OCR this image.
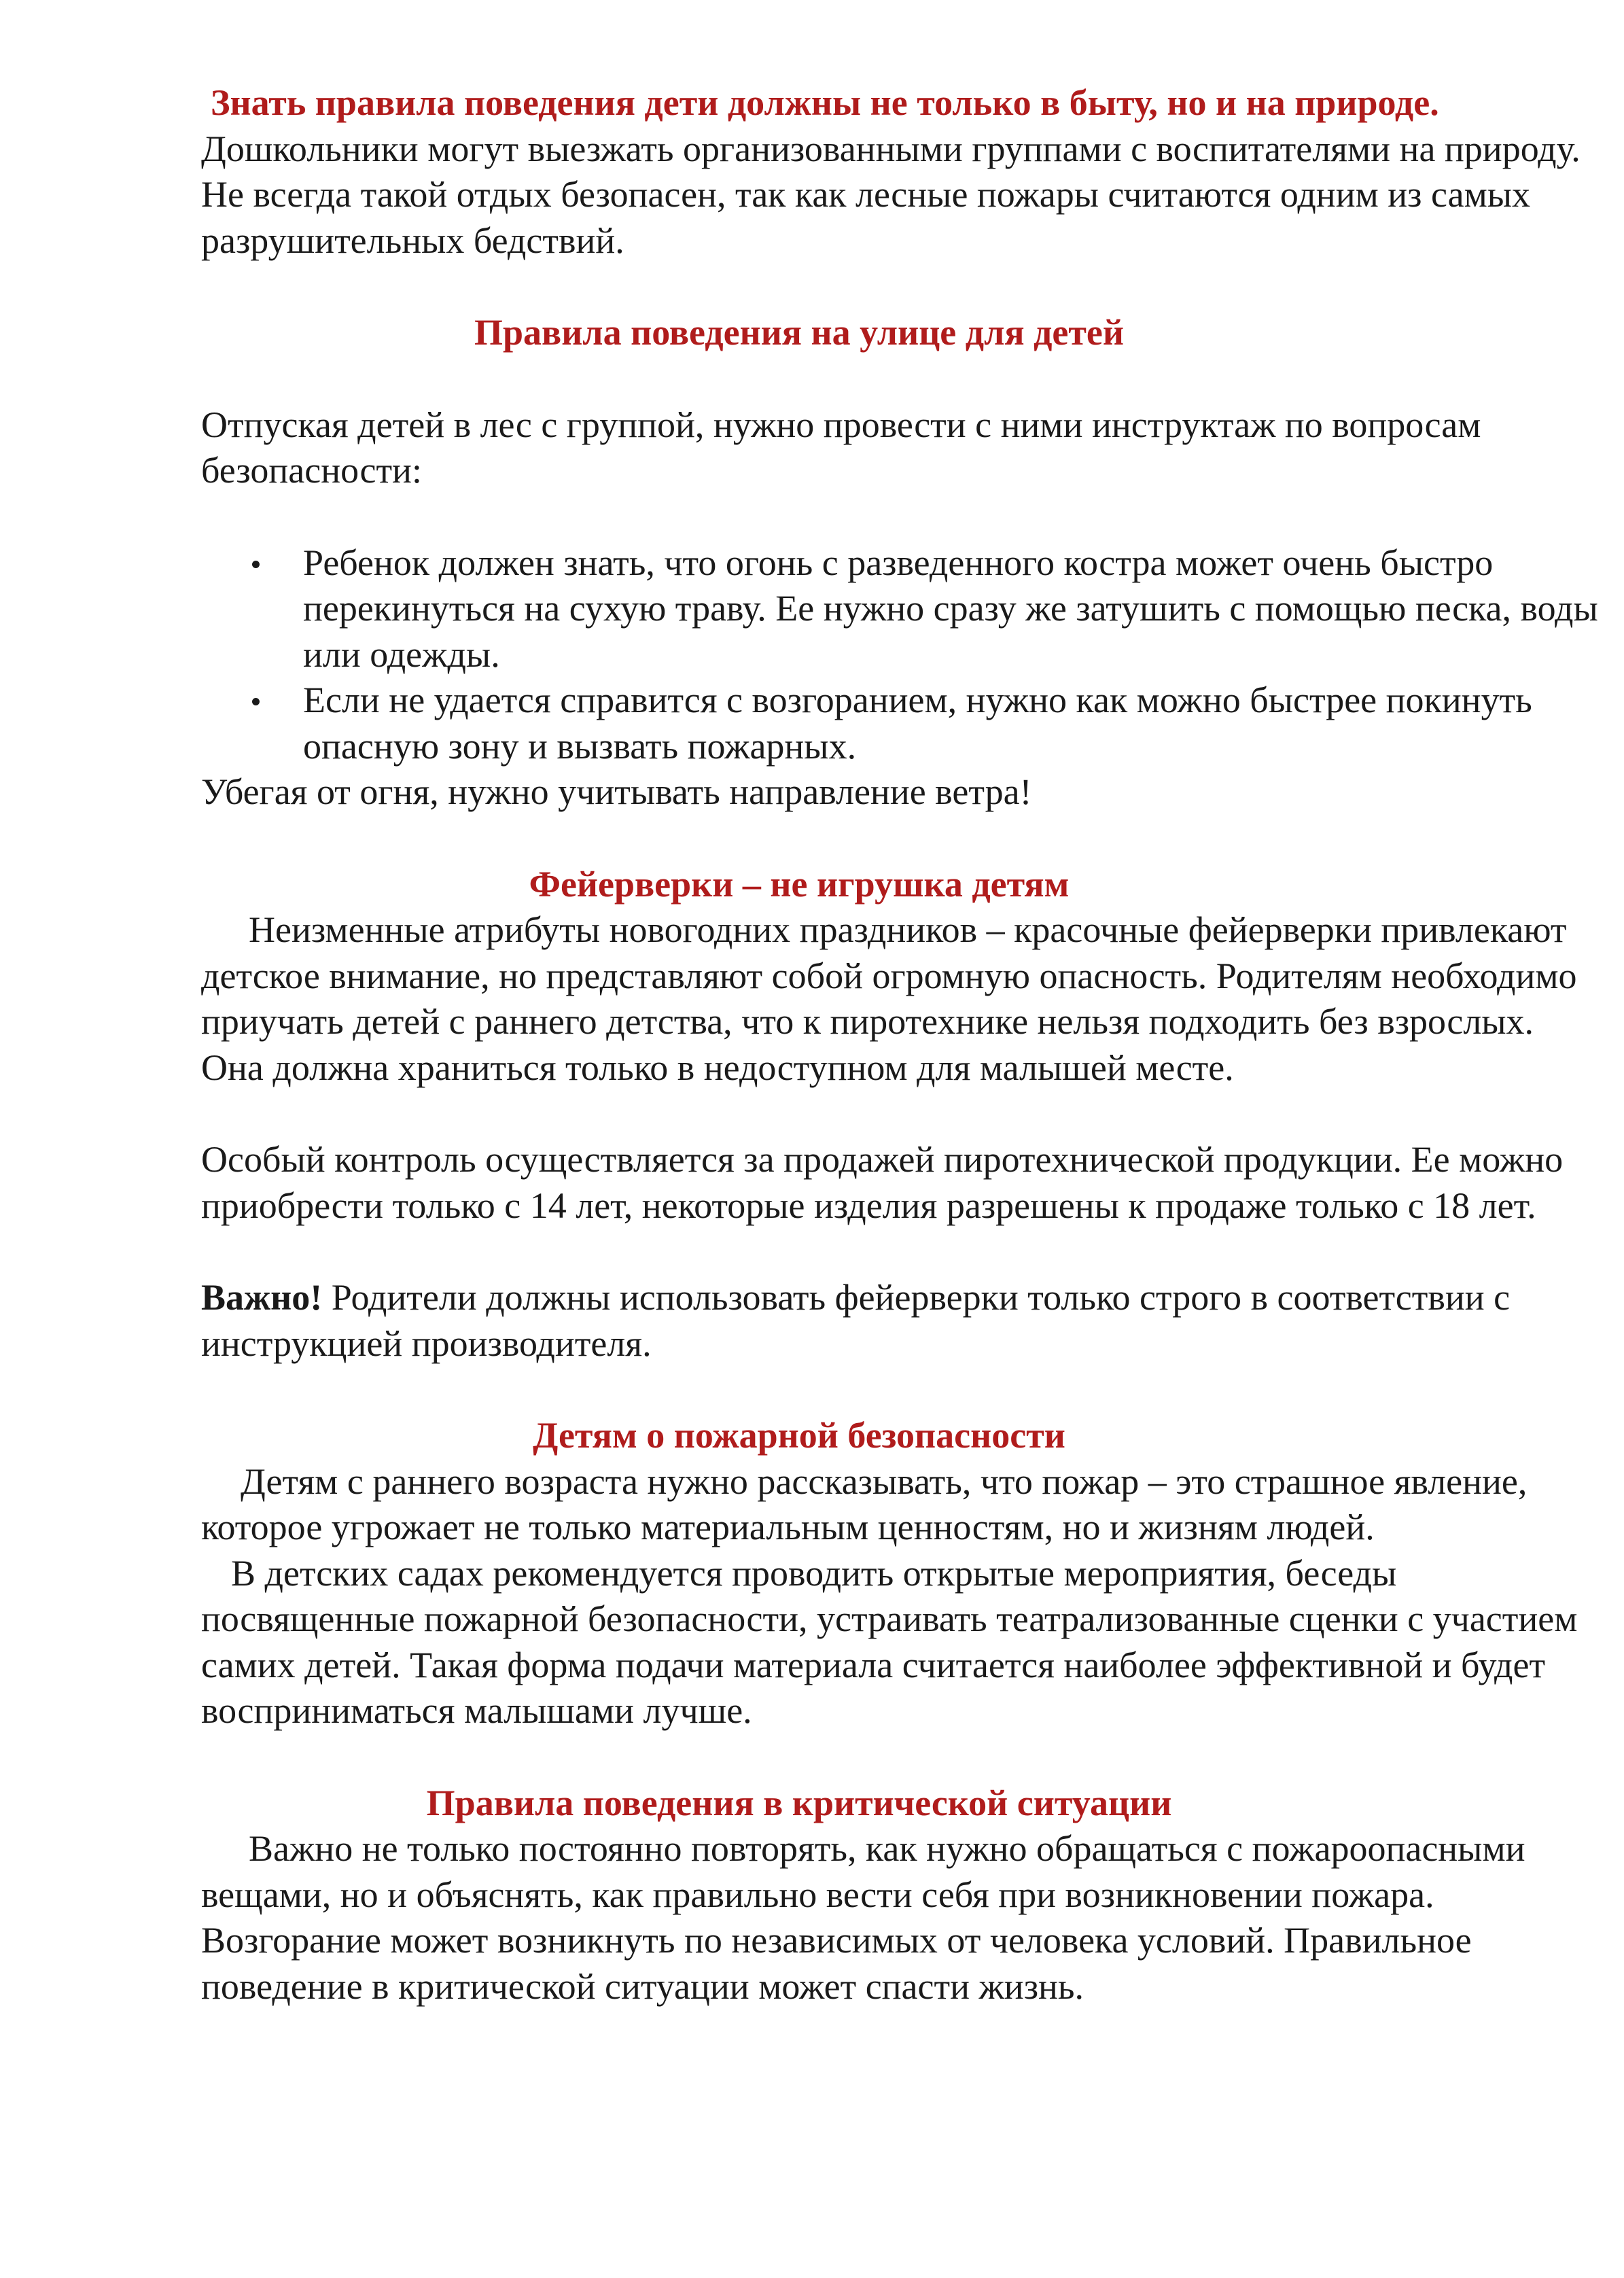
Знать правила поведения дети должны не только в быту, но и на природе.

Дошкольники могут выезжать организованными группами с воспитателями на природу. Не всегда такой отдых безопасен, так как лесные пожары считаются одним из самых разрушительных бедствий.

Правила поведения на улице для детей

Отпуская детей в лес с группой, нужно провести с ними инструктаж по вопросам безопасности:

Ребенок должен знать, что огонь с разведенного костра может очень быстро перекинуться на сухую траву. Ее нужно сразу же затушить с помощью песка, воды или одежды.
Если не удается справится с возгоранием, нужно как можно быстрее покинуть опасную зону и вызвать пожарных.

Убегая от огня, нужно учитывать направление ветра!

Фейерверки – не игрушка детям

Неизменные атрибуты новогодних праздников – красочные фейерверки привлекают детское внимание, но представляют собой огромную опасность. Родителям необходимо приучать детей с раннего детства, что к пиротехнике нельзя подходить без взрослых. Она должна храниться только в недоступном для малышей месте.

Особый контроль осуществляется за продажей пиротехнической продукции. Ее можно приобрести только с 14 лет, некоторые изделия разрешены к продаже только с 18 лет.

Важно! Родители должны использовать фейерверки только строго в соответствии с инструкцией производителя.

Детям о пожарной безопасности

Детям с раннего возраста нужно рассказывать, что пожар – это страшное явление, которое угрожает не только материальным ценностям, но и жизням людей.

В детских садах рекомендуется проводить открытые мероприятия, беседы посвященные пожарной безопасности, устраивать театрализованные сценки с участием самих детей. Такая форма подачи материала считается наиболее эффективной и будет восприниматься малышами лучше.

Правила поведения в критической ситуации

Важно не только постоянно повторять, как нужно обращаться с пожароопасными вещами, но и объяснять, как правильно вести себя при возникновении пожара. Возгорание может возникнуть по независимых от человека условий. Правильное поведение в критической ситуации может спасти жизнь.
